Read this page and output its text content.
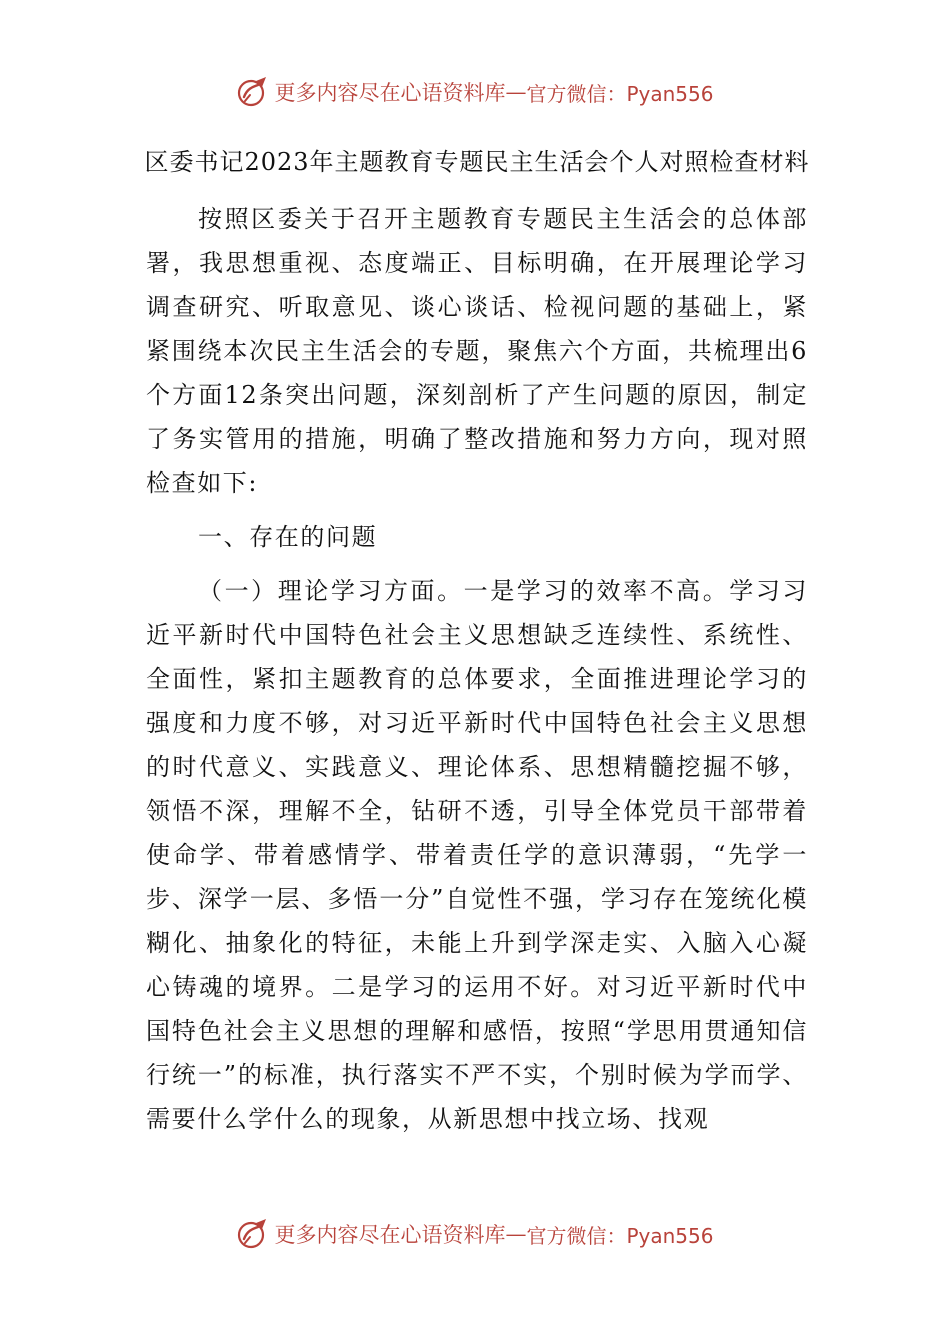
更多内容尽在心语资料库 — 官方微信：Pyan556
区委书记2023年主题教育专题民主生活会个人对照检查材料

按照区委关于召开主题教育专题民主生活会的总体部署，我思想重视、态度端正、目标明确，在开展理论学习调查研究、听取意见、谈心谈话、检视问题的基础上，紧紧围绕本次民主生活会的专题，聚焦六个方面，共梳理出6个方面12条突出问题，深刻剖析了产生问题的原因，制定了务实管用的措施，明确了整改措施和努力方向，现对照检查如下:

一、存在的问题

（一）理论学习方面。一是学习的效率不高。学习习近平新时代中国特色社会主义思想缺乏连续性、系统性、全面性，紧扣主题教育的总体要求，全面推进理论学习的强度和力度不够，对习近平新时代中国特色社会主义思想的时代意义、实践意义、理论体系、思想精髓挖掘不够，领悟不深，理解不全，钻研不透，引导全体党员干部带着使命学、带着感情学、带着责任学的意识薄弱，“先学一步、深学一层、多悟一分”自觉性不强，学习存在笼统化模糊化、抽象化的特征，未能上升到学深走实、入脑入心凝心铸魂的境界。二是学习的运用不好。对习近平新时代中国特色社会主义思想的理解和感悟，按照“学思用贯通知信行统一”的标准，执行落实不严不实，个别时候为学而学、需要什么学什么的现象，从新思想中找立场、找观

更多内容尽在心语资料库 — 官方微信：Pyan556
